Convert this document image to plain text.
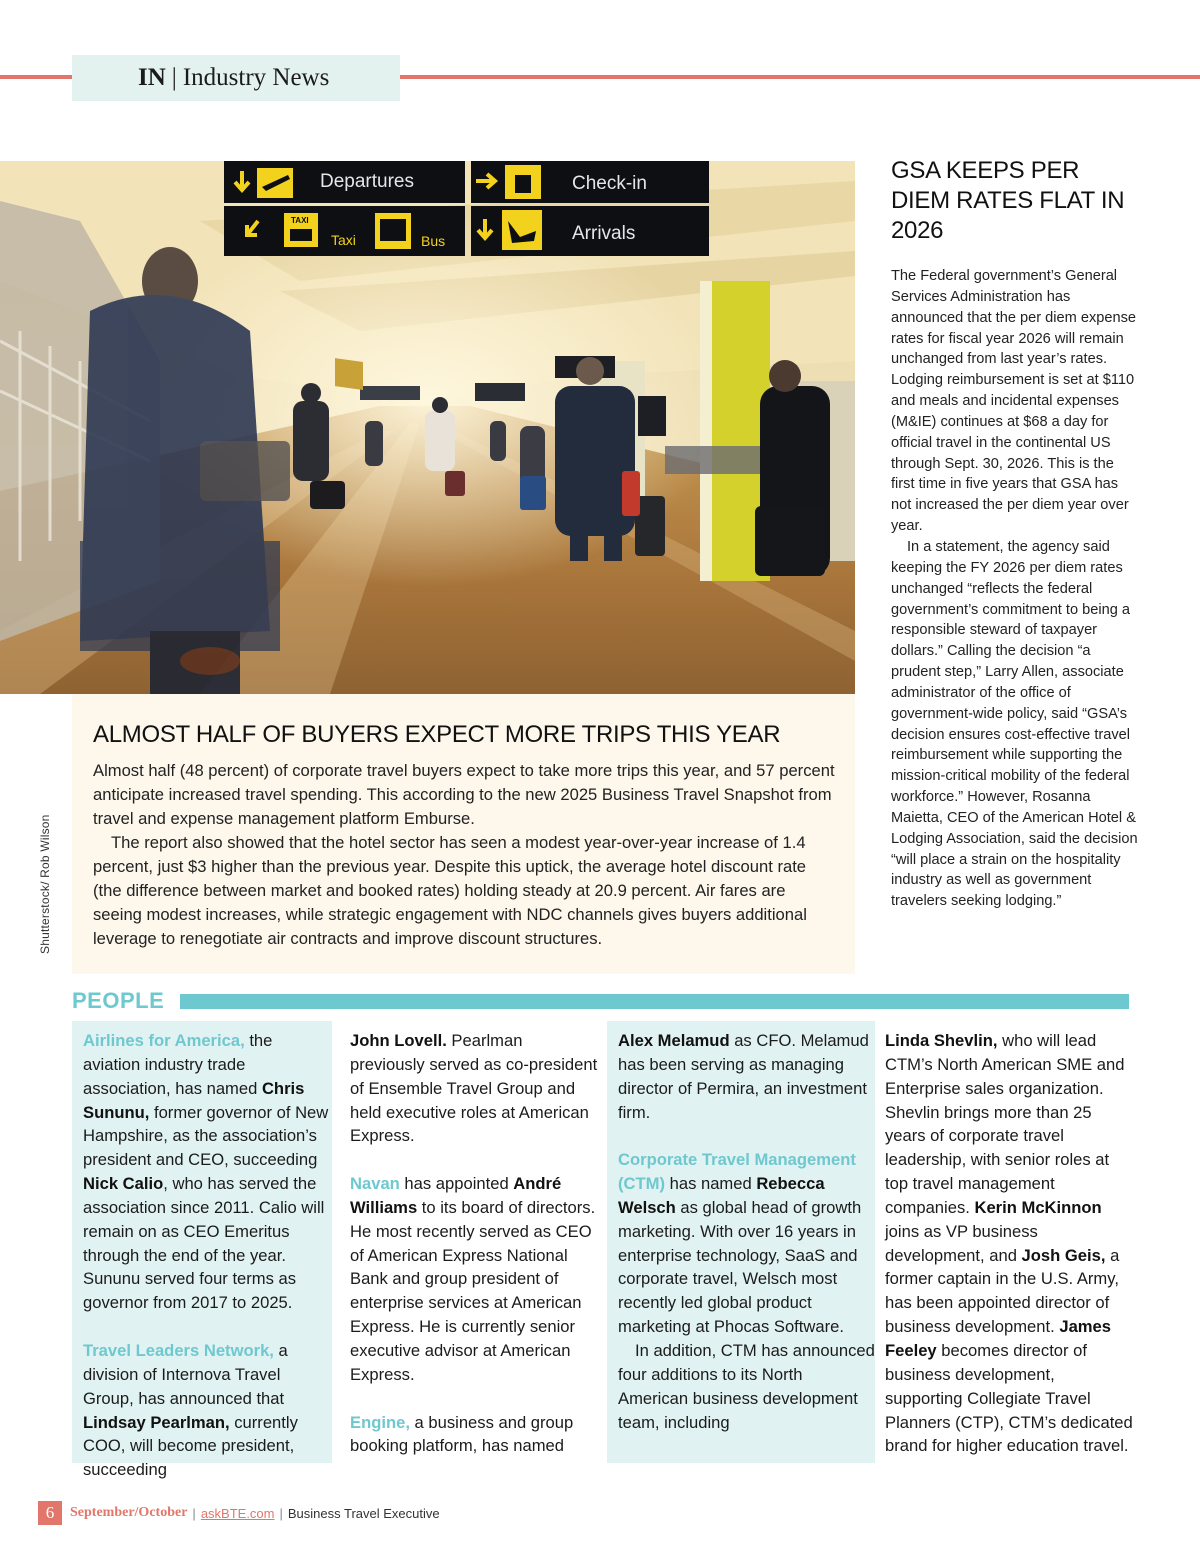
IN | Industry News
Departures	Check-in
TAXI
Taxi	Bus	Arrivals
Shutterstock/ Rob Wilson
ALMOST HALF OF BUYERS EXPECT MORE TRIPS THIS YEAR

Almost half (48 percent) of corporate travel buyers expect to take more trips this year, and 57 percent anticipate increased travel spending. This according to the new 2025 Business Travel Snapshot from travel and expense management platform Emburse.

The report also showed that the hotel sector has seen a modest year-over-year increase of 1.4 percent, just $3 higher than the previous year. Despite this uptick, the average hotel discount rate (the difference between market and booked rates) holding steady at 20.9 percent. Air fares are seeing modest increases, while strategic engagement with NDC channels gives buyers additional leverage to renegotiate air contracts and improve discount structures.

GSA KEEPS PER DIEM RATES FLAT IN 2026

The Federal government’s General Services Administration has announced that the per diem expense rates for fiscal year 2026 will remain unchanged from last year’s rates. Lodging reimbursement is set at $110 and meals and incidental expenses (M&IE) continues at $68 a day for official travel in the continental US through Sept. 30, 2026. This is the first time in five years that GSA has not increased the per diem year over year.

In a statement, the agency said keeping the FY 2026 per diem rates unchanged “reflects the federal government’s commitment to being a responsible steward of taxpayer dollars.” Calling the decision “a prudent step,” Larry Allen, associate administrator of the office of government-wide policy, said “GSA’s decision ensures cost-effective travel reimbursement while supporting the mission-critical mobility of the federal workforce.” However, Rosanna Maietta, CEO of the American Hotel & Lodging Association, said the decision “will place a strain on the hospitality industry as well as government travelers seeking lodging.”

PEOPLE

Airlines for America, the aviation industry trade association, has named Chris Sununu, former governor of New Hampshire, as the association’s president and CEO, succeeding Nick Calio, who has served the association since 2011. Calio will remain on as CEO Emeritus through the end of the year. Sununu served four terms as governor from 2017 to 2025.

Travel Leaders Network, a division of Internova Travel Group, has announced that Lindsay Pearlman, currently COO, will become president, succeeding

John Lovell. Pearlman previously served as co-president of Ensemble Travel Group and held executive roles at American Express.

Navan has appointed André Williams to its board of directors. He most recently served as CEO of American Express National Bank and group president of enterprise services at American Express. He is currently senior executive advisor at American Express.

Engine, a business and group booking platform, has named

Alex Melamud as CFO. Melamud has been serving as managing director of Permira, an investment firm.

Corporate Travel Management (CTM) has named Rebecca Welsch as global head of growth marketing. With over 16 years in enterprise technology, SaaS and corporate travel, Welsch most recently led global product marketing at Phocas Software.

In addition, CTM has announced four additions to its North American business development team, including

Linda Shevlin, who will lead CTM’s North American SME and Enterprise sales organization. Shevlin brings more than 25 years of corporate travel leadership, with senior roles at top travel management companies. Kerin McKinnon joins as VP business development, and Josh Geis, a former captain in the U.S. Army, has been appointed director of business development. James Feeley becomes director of business development, supporting Collegiate Travel Planners (CTP), CTM’s dedicated brand for higher education travel.

6	September/October | askBTE.com | Business Travel Executive
